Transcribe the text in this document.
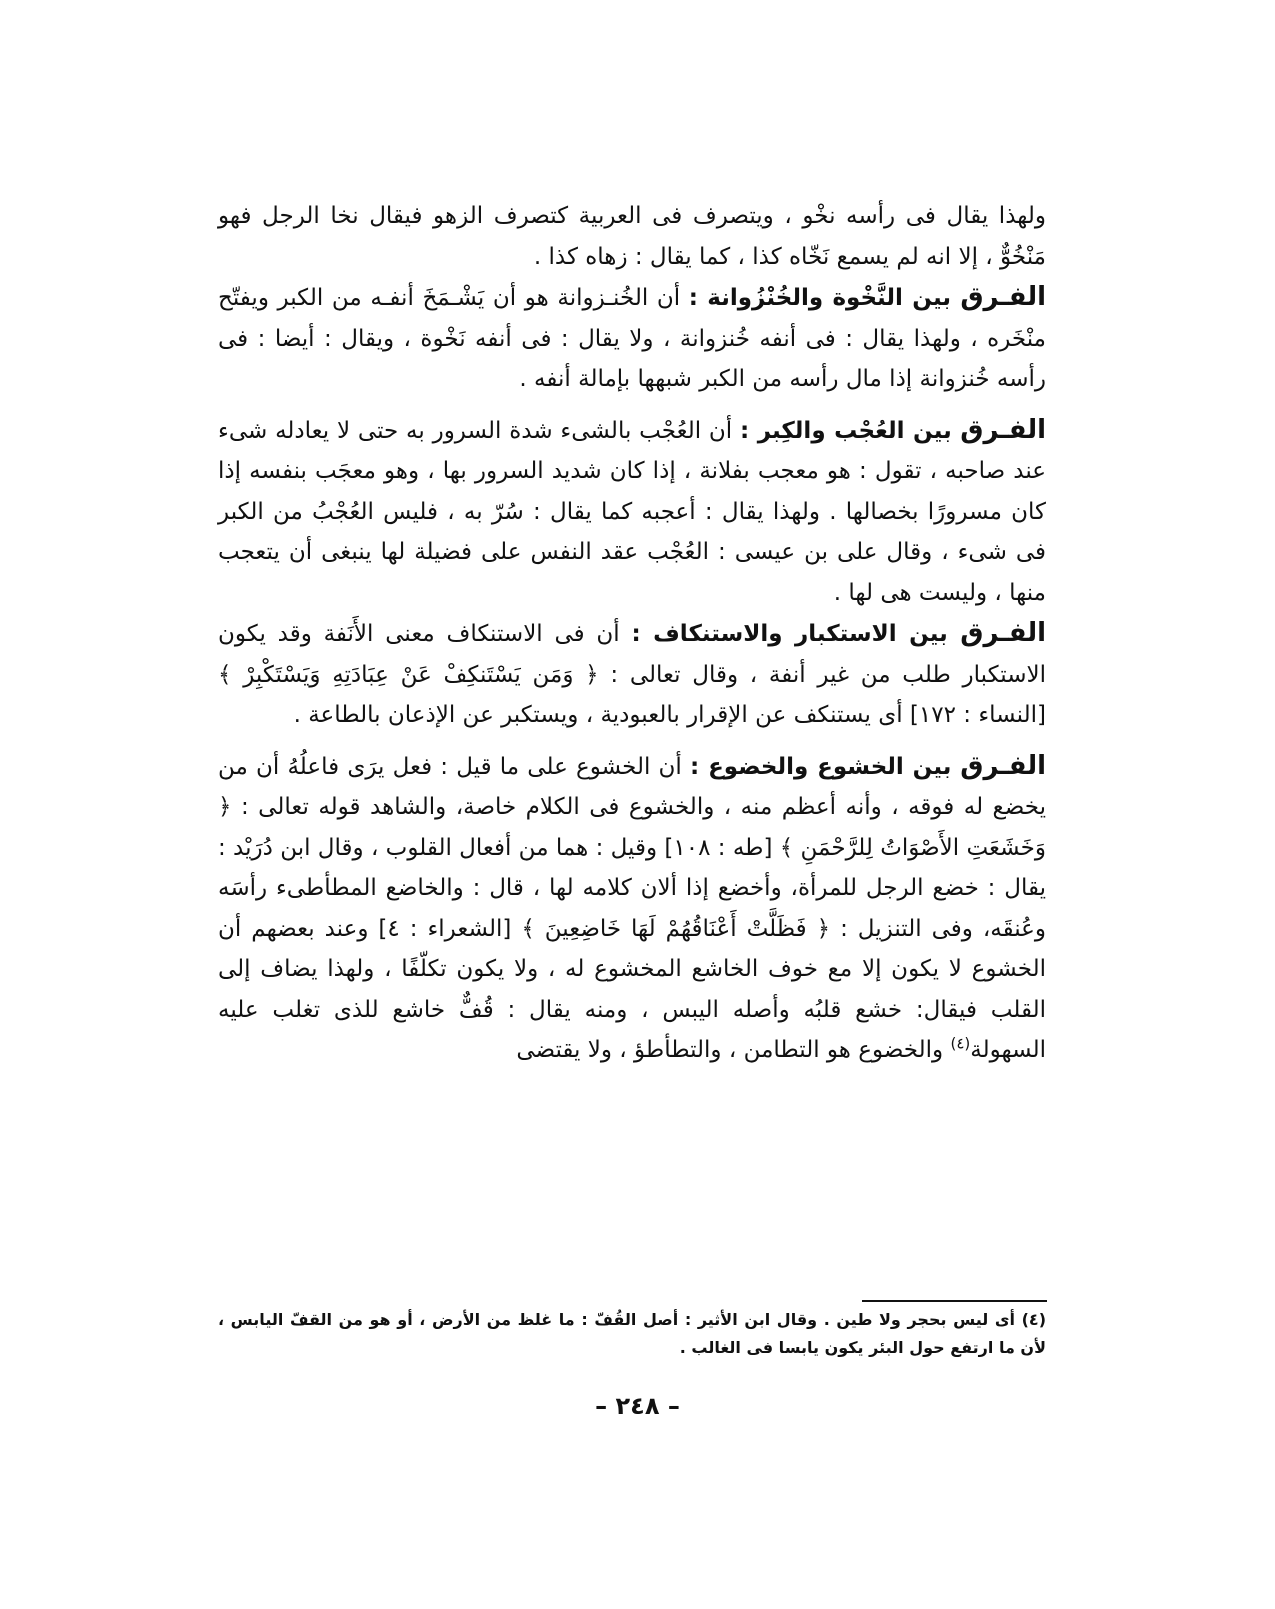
ولهذا يقال فى رأسه نخْو ، ويتصرف فى العربية كتصرف الزهو فيقال نخا الرجل فهو مَنْخُوٌّ ، إلا انه لم يسمع نَخّاه كذا ، كما يقال : زهاه كذا .

الفـرق بين النَّخْوة والخُنْزُوانة : أن الخُنـزوانة هو أن يَشْـمَخَ أنفـه من الكبر ويفتّح منْخَره ، ولهذا يقال : فى أنفه خُنزوانة ، ولا يقال : فى أنفه نَخْوة ، ويقال : أيضا : فى رأسه خُنزوانة إذا مال رأسه من الكبر شبهها بإمالة أنفه .

الفـرق بين العُجْب والكِبر : أن العُجْب بالشىء شدة السرور به حتى لا يعادله شىء عند صاحبه ، تقول : هو معجب بفلانة ، إذا كان شديد السرور بها ، وهو معجَب بنفسه إذا كان مسرورًا بخصالها . ولهذا يقال : أعجبه كما يقال : سُرّ به ، فليس العُجْبُ من الكبر فى شىء ، وقال على بن عيسى : العُجْب عقد النفس على فضيلة لها ينبغى أن يتعجب منها ، وليست هى لها .

الفـرق بين الاستكبار والاستنكاف : أن فى الاستنكاف معنى الأَنَفة وقد يكون الاستكبار طلب من غير أنفة ، وقال تعالى : ﴿ وَمَن يَسْتَنكِفْ عَنْ عِبَادَتِهِ وَيَسْتَكْبِرْ ﴾ [النساء : ١٧٢] أى يستنكف عن الإقرار بالعبودية ، ويستكبر عن الإذعان بالطاعة .

الفـرق بين الخشوع والخضوع : أن الخشوع على ما قيل : فعل يرَى فاعلُهُ أن من يخضع له فوقه ، وأنه أعظم منه ، والخشوع فى الكلام خاصة، والشاهد قوله تعالى : ﴿ وَخَشَعَتِ الأَصْوَاتُ لِلرَّحْمَنِ ﴾ [طه : ١٠٨] وقيل : هما من أفعال القلوب ، وقال ابن دُرَيْد : يقال : خضع الرجل للمرأة، وأخضع إذا ألان كلامه لها ، قال : والخاضع المطأطىء رأسَه وعُنقَه، وفى التنزيل : ﴿ فَظَلَّتْ أَعْنَاقُهُمْ لَهَا خَاضِعِينَ ﴾ [الشعراء : ٤] وعند بعضهم أن الخشوع لا يكون إلا مع خوف الخاشع المخشوع له ، ولا يكون تكلّفًا ، ولهذا يضاف إلى القلب فيقال: خشع قلبُه وأصله اليبس ، ومنه يقال : قُفٌّ خاشع للذى تغلب عليه السهولة$^{(٤)}$ والخضوع هو التطامن ، والتطأطؤ ، ولا يقتضى

(٤) أى ليس بحجر ولا طين . وقال ابن الأثير : أصل القُفّ : ما غلظ من الأرض ، أو هو من القفّ اليابس ، لأن ما ارتفع حول البئر يكون يابسا فى الغالب .
– ٢٤٨ –
